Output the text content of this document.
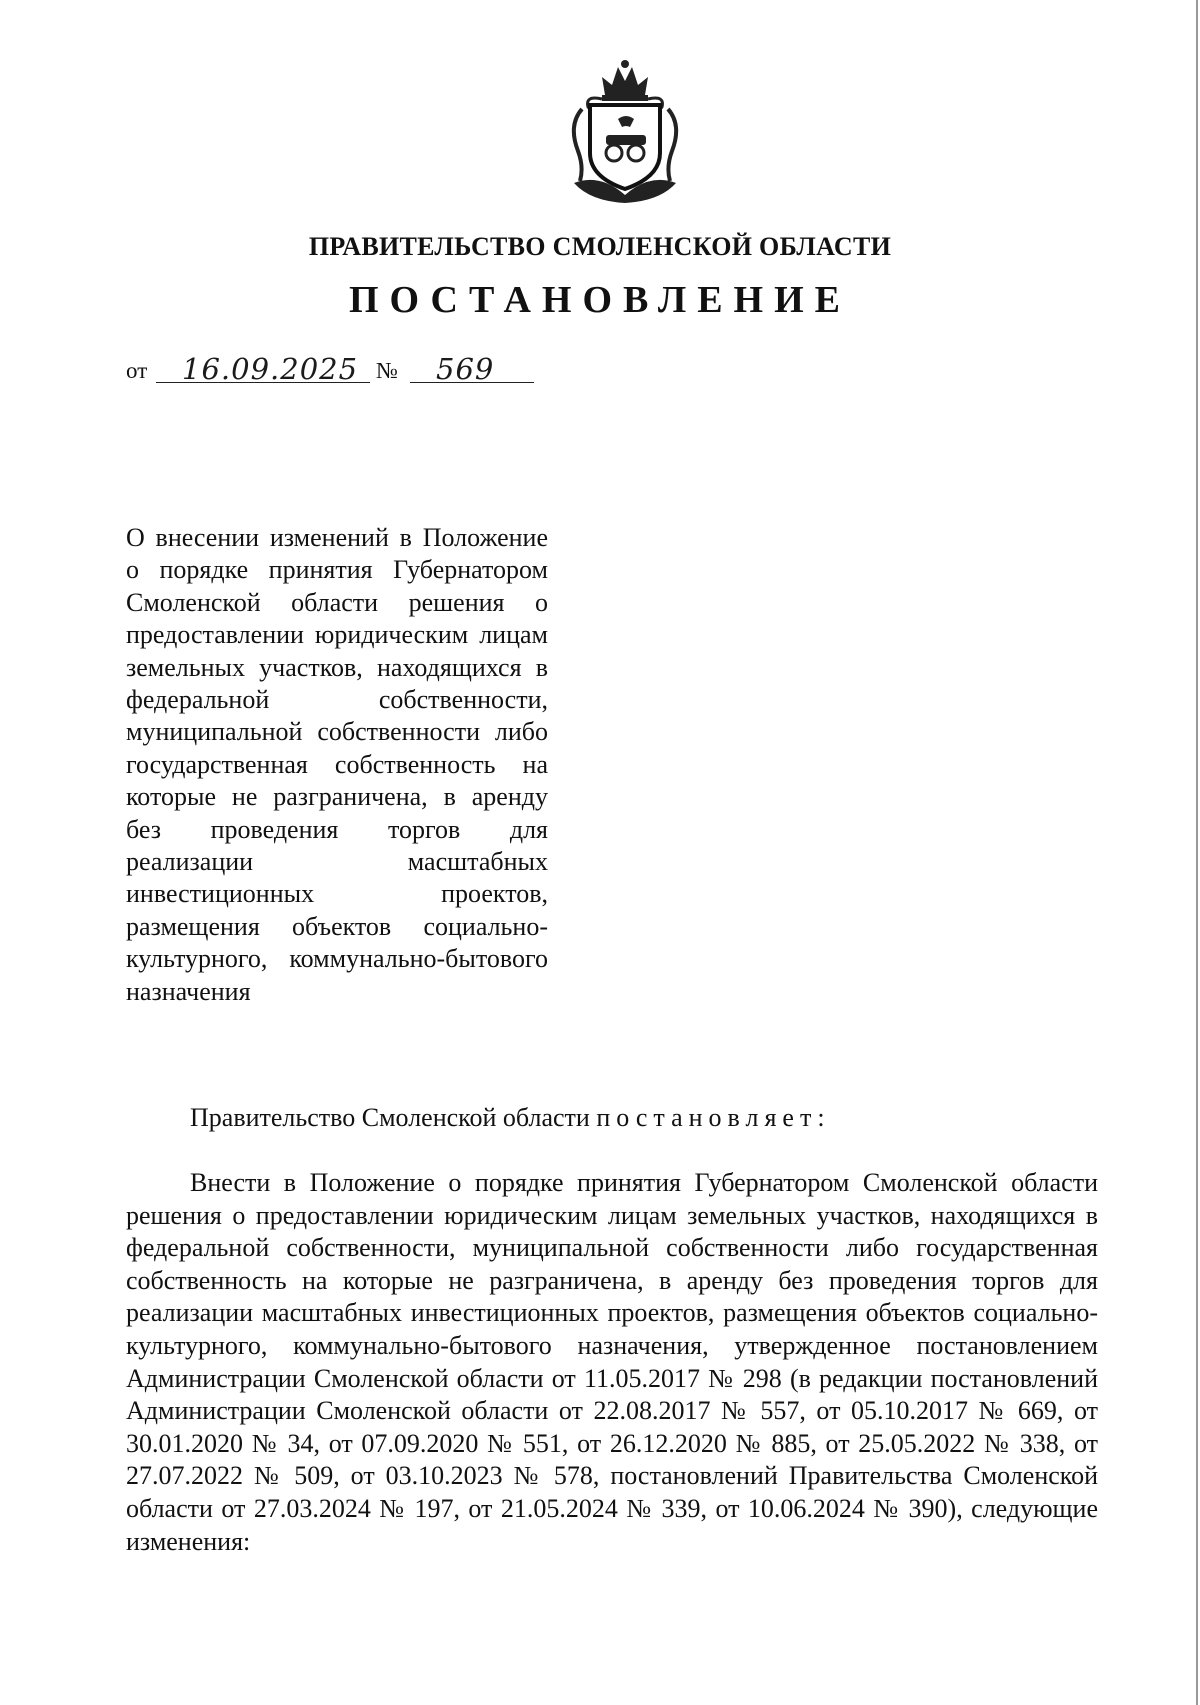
ПРАВИТЕЛЬСТВО СМОЛЕНСКОЙ ОБЛАСТИ
ПОСТАНОВЛЕНИЕ
от 16.09.2025 № 569
О внесении изменений в Положение о порядке принятия Губернатором Смоленской области решения о предоставлении юридическим лицам земельных участков, находящихся в федеральной собственности, муниципальной собственности либо государственная собственность на которые не разграничена, в аренду без проведения торгов для реализации масштабных инвестиционных проектов, размещения объектов социально-культурного, коммунально-бытового назначения
Правительство Смоленской области постановляет:
Внести в Положение о порядке принятия Губернатором Смоленской области решения о предоставлении юридическим лицам земельных участков, находящихся в федеральной собственности, муниципальной собственности либо государственная собственность на которые не разграничена, в аренду без проведения торгов для реализации масштабных инвестиционных проектов, размещения объектов социально-культурного, коммунально-бытового назначения, утвержденное постановлением Администрации Смоленской области от 11.05.2017 № 298 (в редакции постановлений Администрации Смоленской области от 22.08.2017 № 557, от 05.10.2017 № 669, от 30.01.2020 № 34, от 07.09.2020 № 551, от 26.12.2020 № 885, от 25.05.2022 № 338, от 27.07.2022 № 509, от 03.10.2023 № 578, постановлений Правительства Смоленской области от 27.03.2024 № 197, от 21.05.2024 № 339, от 10.06.2024 № 390), следующие изменения:
